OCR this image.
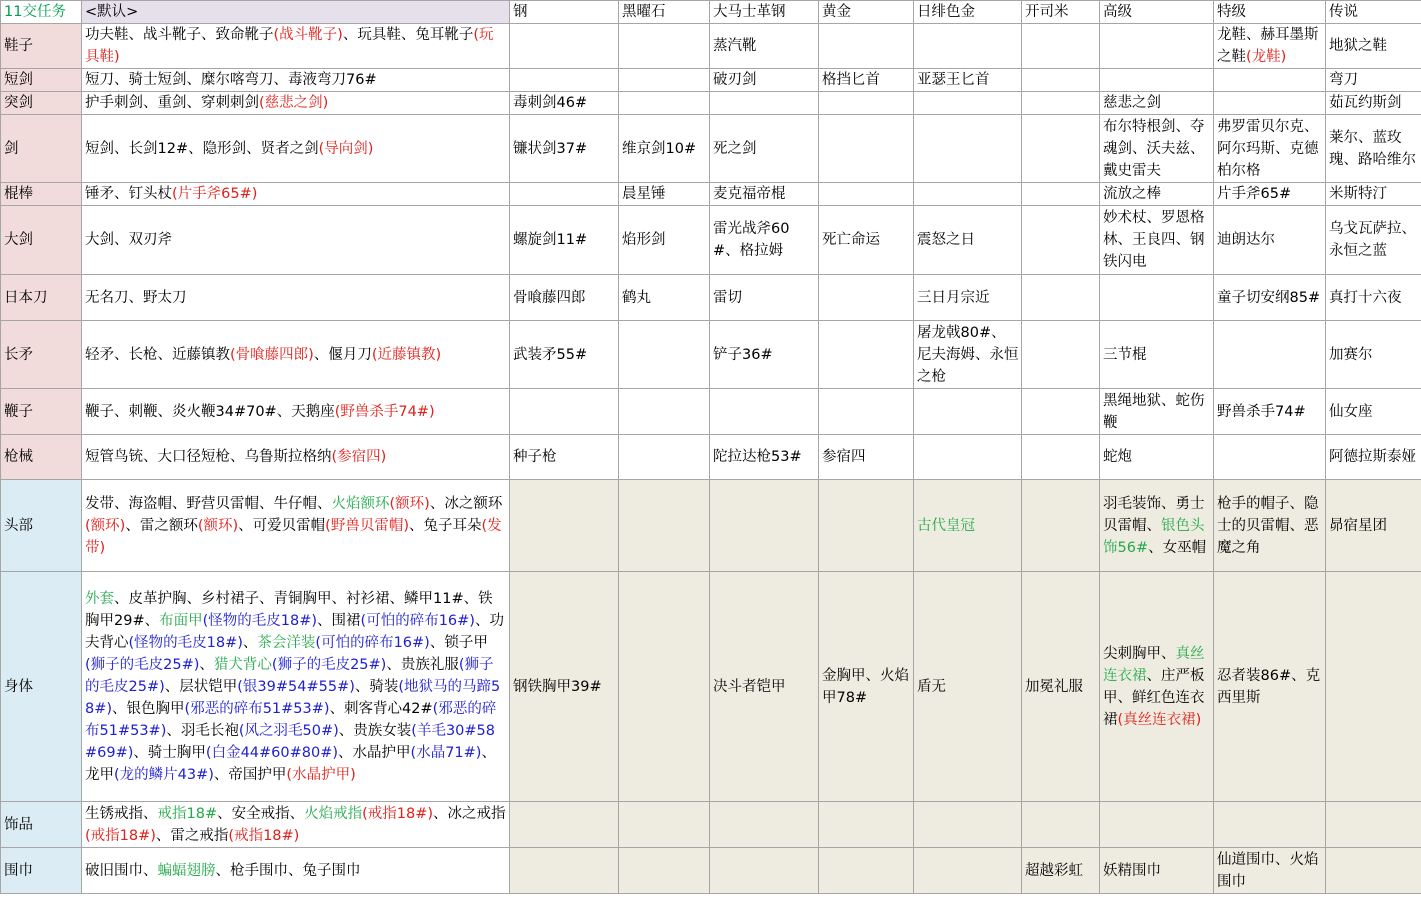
11交任务	<默认>	钢	黑曜石	大马士革钢	黄金	日绯色金	开司米	高级	特级	传说
鞋子	功夫鞋、战斗靴子、致命靴子(战斗靴子)、玩具鞋、兔耳靴子(玩具鞋)			蒸汽靴					龙鞋、赫耳墨斯之鞋(龙鞋)	地狱之鞋
短剑	短刀、骑士短剑、糜尔喀弯刀、毒液弯刀76#			破刃剑	格挡匕首	亚瑟王匕首				弯刀
突剑	护手刺剑、重剑、穿刺刺剑(慈悲之剑)	毒刺剑46#						慈悲之剑		茹瓦约斯剑
剑	短剑、长剑12#、隐形剑、贤者之剑(导向剑)	镰状剑37#	维京剑10#	死之剑				布尔特根剑、夺魂剑、沃夫兹、戴史雷夫	弗罗雷贝尔克、阿尔玛斯、克德柏尔格	莱尔、蓝玫瑰、路哈维尔
棍棒	锤矛、钉头杖(片手斧65#)		晨星锤	麦克福帝棍				流放之棒	片手斧65#	米斯特汀
大剑	大剑、双刃斧	螺旋剑11#	焰形剑	雷光战斧60#、格拉姆	死亡命运	震怒之日		妙术杖、罗恩格林、王良四、钢铁闪电	迪朗达尔	乌戈瓦萨拉、永恒之蓝
日本刀	无名刀、野太刀	骨喰藤四郎	鹤丸	雷切		三日月宗近			童子切安纲85#	真打十六夜
长矛	轻矛、长枪、近藤镇教(骨喰藤四郎)、偃月刀(近藤镇教)	武装矛55#		铲子36#		屠龙戟80#、尼夫海姆、永恒之枪		三节棍		加赛尔
鞭子	鞭子、刺鞭、炎火鞭34#70#、天鹅座(野兽杀手74#)							黑绳地狱、蛇伤鞭	野兽杀手74#	仙女座
枪械	短管鸟铳、大口径短枪、乌鲁斯拉格纳(参宿四)	种子枪		陀拉达枪53#	参宿四			蛇炮		阿德拉斯泰娅
头部	发带、海盗帽、野营贝雷帽、牛仔帽、火焰额环(额环)、冰之额环(额环)、雷之额环(额环)、可爱贝雷帽(野兽贝雷帽)、兔子耳朵(发带)					古代皇冠		羽毛装饰、勇士贝雷帽、银色头饰56#、女巫帽	枪手的帽子、隐士的贝雷帽、恶魔之角	昴宿星团
身体	外套、皮革护胸、乡村裙子、青铜胸甲、衬衫裙、鳞甲11#、铁胸甲29#、布面甲(怪物的毛皮18#)、围裙(可怕的碎布16#)、功夫背心(怪物的毛皮18#)、茶会洋装(可怕的碎布16#)、锁子甲(狮子的毛皮25#)、猎犬背心(狮子的毛皮25#)、贵族礼服(狮子的毛皮25#)、层状铠甲(银39#54#55#)、骑装(地狱马的马蹄58#)、银色胸甲(邪恶的碎布51#53#)、刺客背心42#(邪恶的碎布51#53#)、羽毛长袍(风之羽毛50#)、贵族女装(羊毛30#58#69#)、骑士胸甲(白金44#60#80#)、水晶护甲(水晶71#)、龙甲(龙的鳞片43#)、帝国护甲(水晶护甲)	钢铁胸甲39#		决斗者铠甲	金胸甲、火焰甲78#	盾无	加冕礼服	尖刺胸甲、真丝连衣裙、庄严板甲、鲜红色连衣裙(真丝连衣裙)	忍者装86#、克西里斯	
饰品	生锈戒指、戒指18#、安全戒指、火焰戒指(戒指18#)、冰之戒指(戒指18#)、雷之戒指(戒指18#)									
围巾	破旧围巾、蝙蝠翅膀、枪手围巾、兔子围巾						超越彩虹	妖精围巾	仙道围巾、火焰围巾	
